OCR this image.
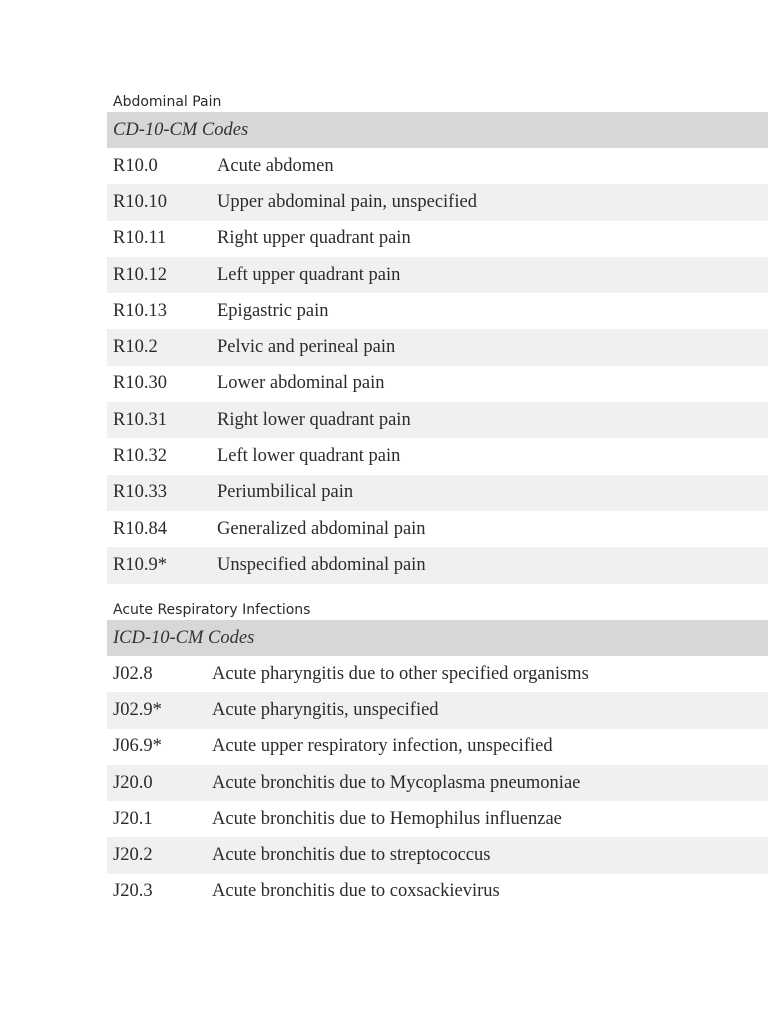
Abdominal Pain
CD-10-CM Codes	
R10.0	Acute abdomen
R10.10	Upper abdominal pain, unspecified
R10.11	Right upper quadrant pain
R10.12	Left upper quadrant pain
R10.13	Epigastric pain
R10.2	Pelvic and perineal pain
R10.30	Lower abdominal pain
R10.31	Right lower quadrant pain
R10.32	Left lower quadrant pain
R10.33	Periumbilical pain
R10.84	Generalized abdominal pain
R10.9*	Unspecified abdominal pain
Acute Respiratory Infections
ICD-10-CM Codes	
J02.8	Acute pharyngitis due to other specified organisms
J02.9*	Acute pharyngitis, unspecified
J06.9*	Acute upper respiratory infection, unspecified
J20.0	Acute bronchitis due to Mycoplasma pneumoniae
J20.1	Acute bronchitis due to Hemophilus influenzae
J20.2	Acute bronchitis due to streptococcus
J20.3	Acute bronchitis due to coxsackievirus
